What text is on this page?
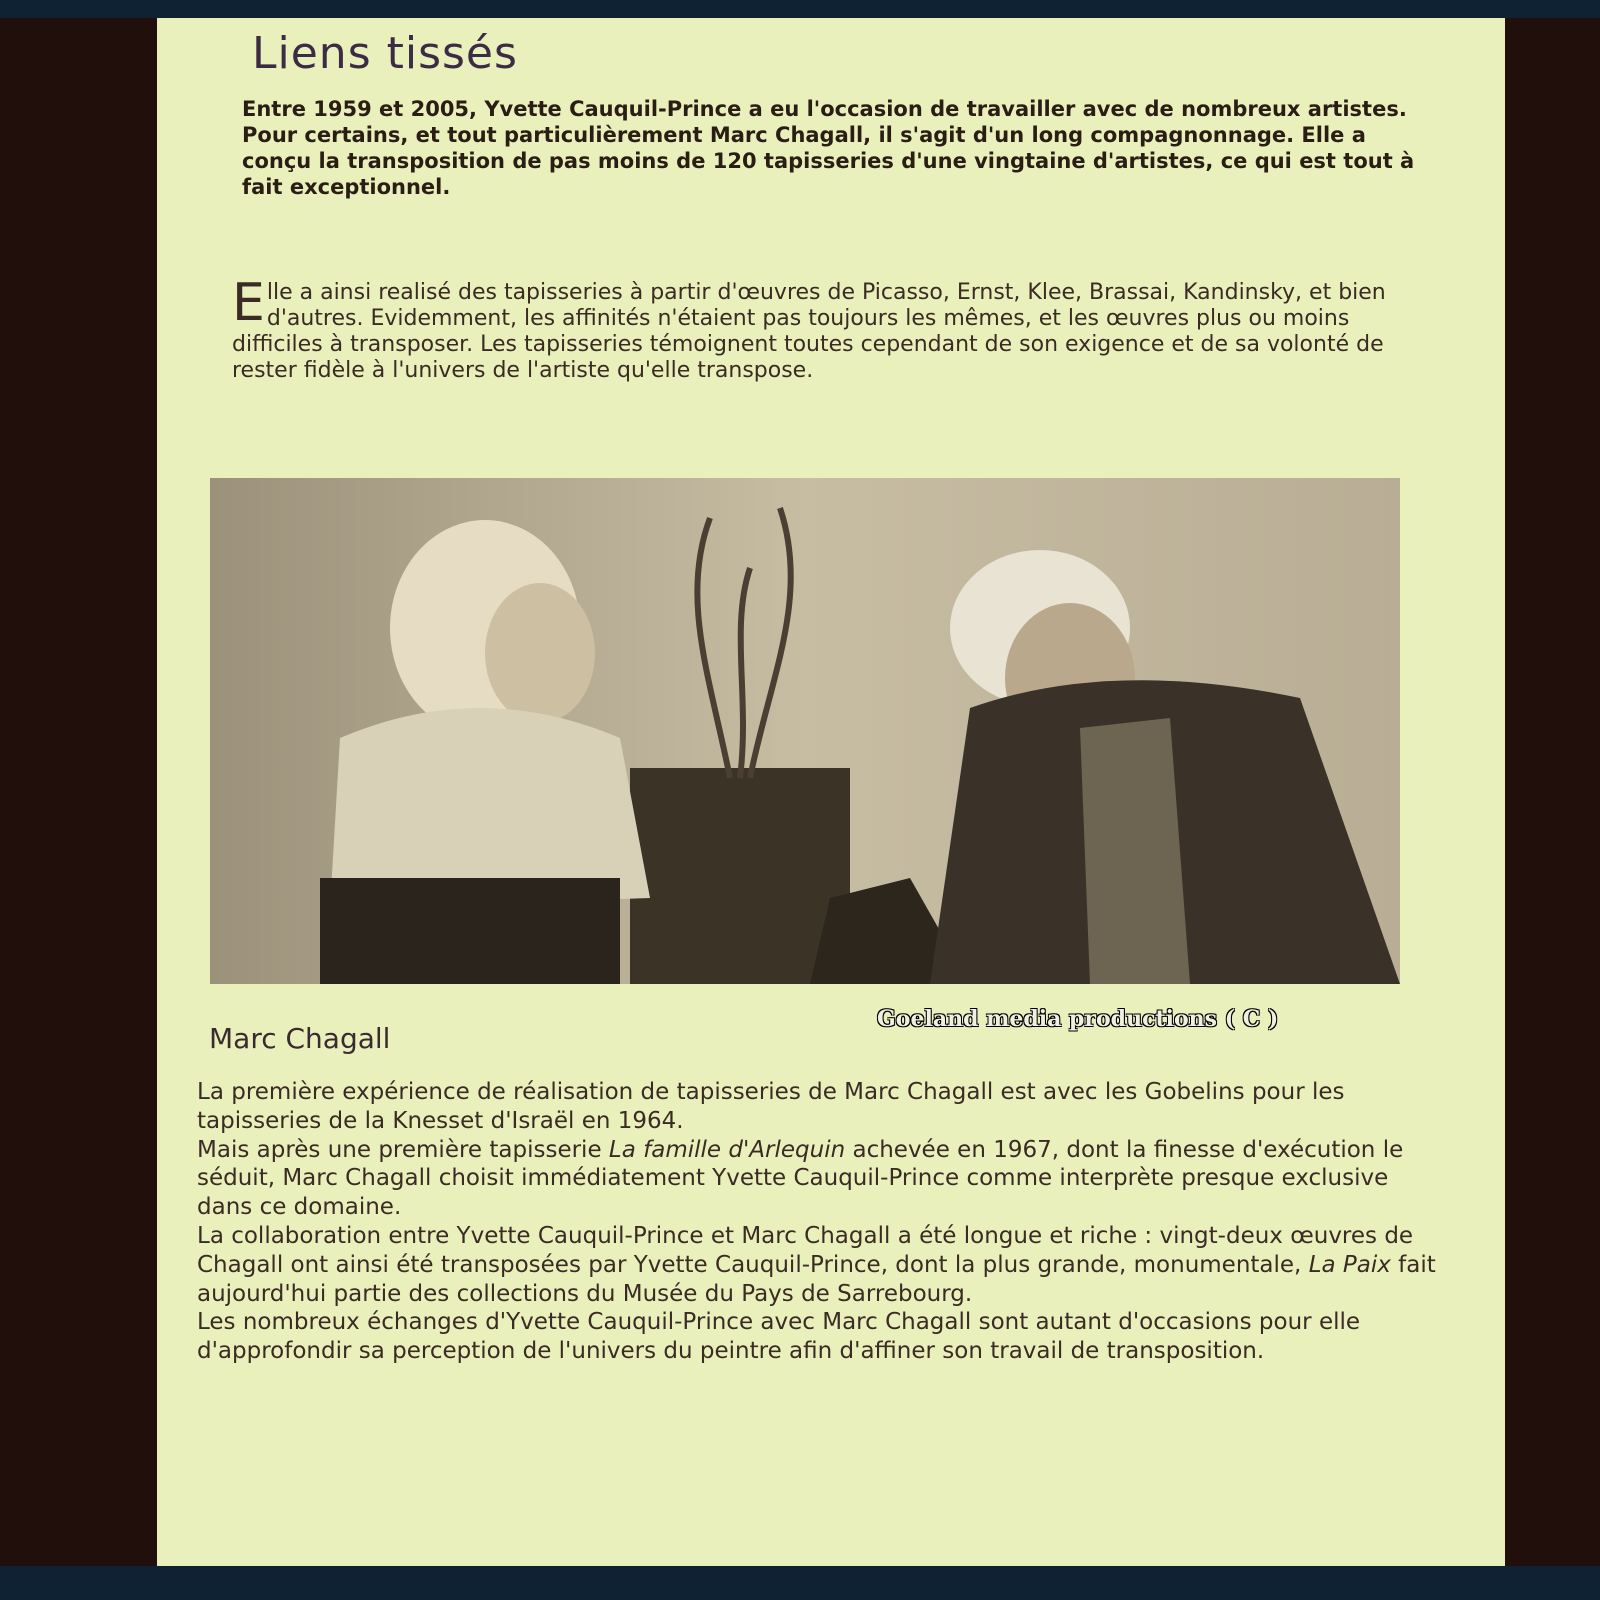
Liens tissés

Entre 1959 et 2005, Yvette Cauquil-Prince a eu l'occasion de travailler avec de nombreux artistes.

Pour certains, et tout particulièrement Marc Chagall, il s'agit d'un long compagnonnage. Elle a conçu la transposition de pas moins de 120 tapisseries d'une vingtaine d'artistes, ce qui est tout à fait exceptionnel.

Elle a ainsi realisé des tapisseries à partir d'œuvres de Picasso, Ernst, Klee, Brassai, Kandinsky, et bien d'autres. Evidemment, les affinités n'étaient pas toujours les mêmes, et les œuvres plus ou moins difficiles à transposer. Les tapisseries témoignent toutes cependant de son exigence et de sa volonté de rester fidèle à l'univers de l'artiste qu'elle transpose.
Goeland media productions ( C )
Marc Chagall

La première expérience de réalisation de tapisseries de Marc Chagall est avec les Gobelins pour les tapisseries de la Knesset d'Israël en 1964.

Mais après une première tapisserie La famille d'Arlequin achevée en 1967, dont la finesse d'exécution le séduit, Marc Chagall choisit immédiatement Yvette Cauquil-Prince comme interprète presque exclusive dans ce domaine.

La collaboration entre Yvette Cauquil-Prince et Marc Chagall a été longue et riche : vingt-deux œuvres de Chagall ont ainsi été transposées par Yvette Cauquil-Prince, dont la plus grande, monumentale, La Paix fait aujourd'hui partie des collections du Musée du Pays de Sarrebourg.

Les nombreux échanges d'Yvette Cauquil-Prince avec Marc Chagall sont autant d'occasions pour elle d'approfondir sa perception de l'univers du peintre afin d'affiner son travail de transposition.
